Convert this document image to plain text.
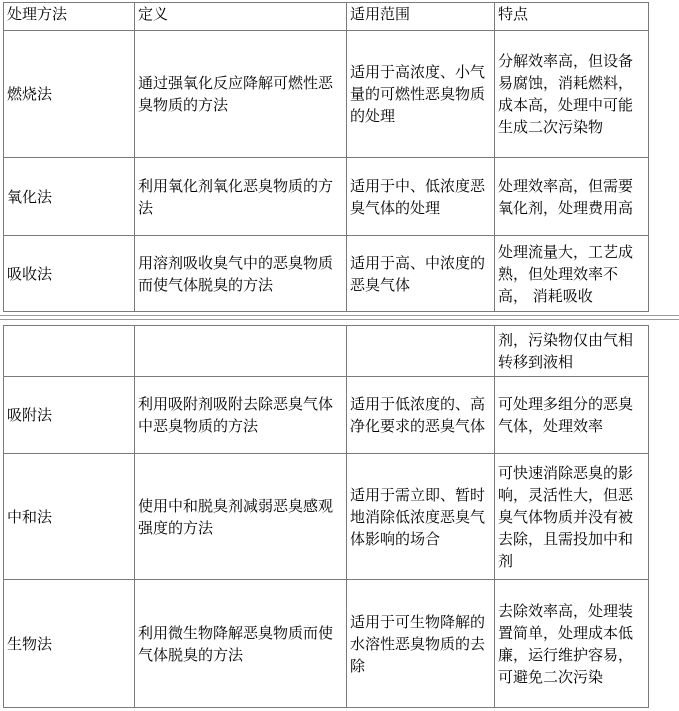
处理方法	定义	适用范围	特点
燃烧法	通过强氧化反应降解可燃性恶臭物质的方法	适用于高浓度、小气量的可燃性恶臭物质的处理	分解效率高，但设备易腐蚀，消耗燃料，成本高，处理中可能生成二次污染物
氧化法	利用氧化剂氧化恶臭物质的方法	适用于中、低浓度恶臭气体的处理	处理效率高，但需要氧化剂，处理费用高
吸收法	用溶剂吸收臭气中的恶臭物质而使气体脱臭的方法	适用于高、中浓度的恶臭气体	处理流量大，工艺成熟，但处理效率不高， 消耗吸收
			剂，污染物仅由气相转移到液相
吸附法	利用吸附剂吸附去除恶臭气体中恶臭物质的方法	适用于低浓度的、高净化要求的恶臭气体	可处理多组分的恶臭气体，处理效率
中和法	使用中和脱臭剂减弱恶臭感观强度的方法	适用于需立即、暂时地消除低浓度恶臭气体影响的场合	可快速消除恶臭的影响，灵活性大，但恶臭气体物质并没有被去除，且需投加中和剂
生物法	利用微生物降解恶臭物质而使气体脱臭的方法	适用于可生物降解的水溶性恶臭物质的去除	去除效率高，处理装置简单，处理成本低廉，运行维护容易，可避免二次污染
